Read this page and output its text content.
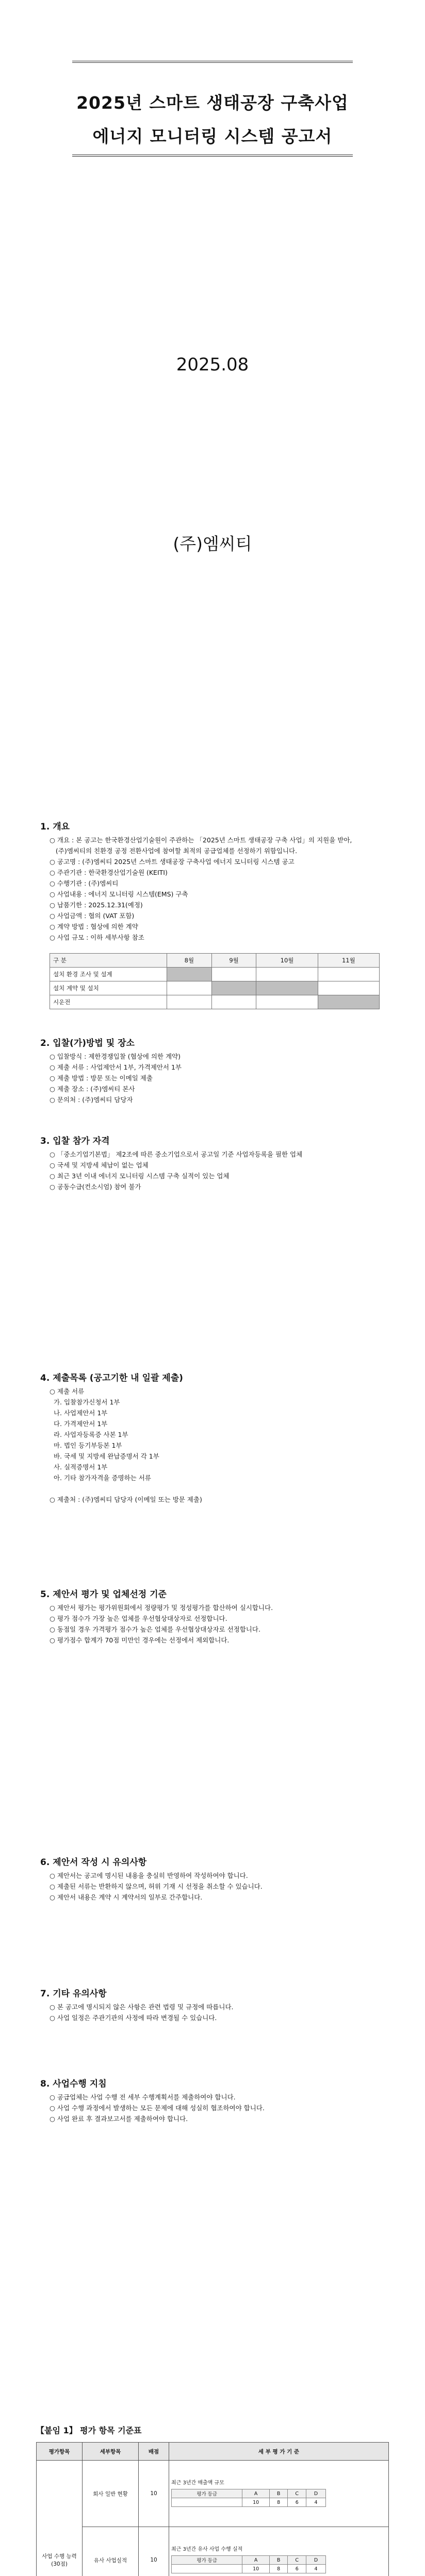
2025년 스마트 생태공장 구축사업
에너지 모니터링 시스템 공고서
2025.08
(주)엠씨티
1. 개요
○ 개요 : 본 공고는 한국환경산업기술원이 주관하는 「2025년 스마트 생태공장 구축 사업」의 지원을 받아,
(주)엠씨티의 친환경 공정 전환사업에 참여할 최적의 공급업체를 선정하기 위함입니다.
○ 공고명 : (주)엠씨티 2025년 스마트 생태공장 구축사업 에너지 모니터링 시스템 공고
○ 주관기관 : 한국환경산업기술원 (KEITI)
○ 수행기관 : (주)엠씨티
○ 사업내용 : 에너지 모니터링 시스템(EMS) 구축
○ 납품기한 : 2025.12.31(예정)
○ 사업금액 : 협의 (VAT 포함)
○ 계약 방법 : 협상에 의한 계약
○ 사업 규모 : 이하 세부사항 참조
구 분	8월	9월	10월	11월
설치 환경 조사 및 설계				
설치 계약 및 설치				
시운전				
2. 입찰(가)방법 및 장소
○ 입찰방식 : 제한경쟁입찰 (협상에 의한 계약)
○ 제출 서류 : 사업제안서 1부, 가격제안서 1부
○ 제출 방법 : 방문 또는 이메일 제출
○ 제출 장소 : (주)엠씨티 본사
○ 문의처 : (주)엠씨티 담당자
3. 입찰 참가 자격
○ 「중소기업기본법」 제2조에 따른 중소기업으로서 공고일 기준 사업자등록을 필한 업체
○ 국세 및 지방세 체납이 없는 업체
○ 최근 3년 이내 에너지 모니터링 시스템 구축 실적이 있는 업체
○ 공동수급(컨소시엄) 참여 불가
4. 제출목록 (공고기한 내 일괄 제출)
○ 제출 서류
가. 입찰참가신청서 1부
나. 사업제안서 1부
다. 가격제안서 1부
라. 사업자등록증 사본 1부
마. 법인 등기부등본 1부
바. 국세 및 지방세 완납증명서 각 1부
사. 실적증명서 1부
아. 기타 참가자격을 증명하는 서류

○ 제출처 : (주)엠씨티 담당자 (이메일 또는 방문 제출)
5. 제안서 평가 및 업체선정 기준
○ 제안서 평가는 평가위원회에서 정량평가 및 정성평가를 합산하여 실시합니다.
○ 평가 점수가 가장 높은 업체를 우선협상대상자로 선정합니다.
○ 동점일 경우 가격평가 점수가 높은 업체를 우선협상대상자로 선정합니다.
○ 평가점수 합계가 70점 미만인 경우에는 선정에서 제외합니다.
6. 제안서 작성 시 유의사항
○ 제안서는 공고에 명시된 내용을 충실히 반영하여 작성하여야 합니다.
○ 제출된 서류는 반환하지 않으며, 허위 기재 시 선정을 취소할 수 있습니다.
○ 제안서 내용은 계약 시 계약서의 일부로 간주합니다.
7. 기타 유의사항
○ 본 공고에 명시되지 않은 사항은 관련 법령 및 규정에 따릅니다.
○ 사업 일정은 주관기관의 사정에 따라 변경될 수 있습니다.
8. 사업수행 지침
○ 공급업체는 사업 수행 전 세부 수행계획서를 제출하여야 합니다.
○ 사업 수행 과정에서 발생하는 모든 문제에 대해 성실히 협조하여야 합니다.
○ 사업 완료 후 결과보고서를 제출하여야 합니다.
【붙임 1】 평가 항목 기준표
평가항목	세부항목	배점	세 부 평 가 기 준
사업 수행 능력 (30점)	회사 일반 현황	10	
최근 3년간 매출액 규모
평가 등급	A	B	C	D
	10	8	6	4

유사 사업실적	10	
최근 3년간 유사 사업 수행 실적
평가 등급	A	B	C	D
	10	8	6	4
